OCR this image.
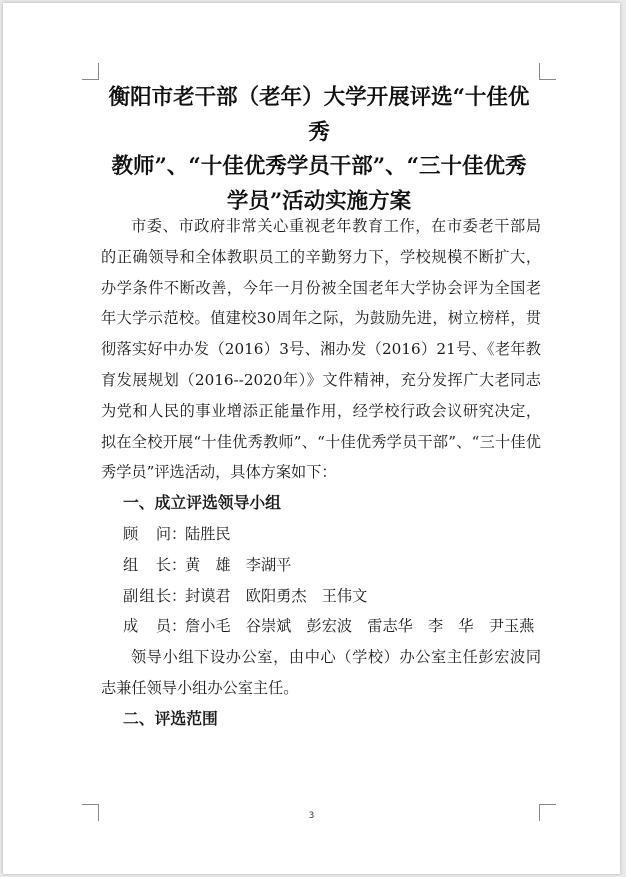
衡阳市老干部（老年）大学开展评选“十佳优秀
教师”、“十佳优秀学员干部”、“三十佳优秀
学员”活动实施方案

市委、市政府非常关心重视老年教育工作，在市委老干部局的正确领导和全体教职员工的辛勤努力下，学校规模不断扩大，办学条件不断改善，今年一月份被全国老年大学协会评为全国老年大学示范校。值建校30周年之际，为鼓励先进，树立榜样，贯彻落实好中办发（2016）3号、湘办发（2016）21号、《老年教育发展规划（2016--2020年）》文件精神，充分发挥广大老同志为党和人民的事业增添正能量作用，经学校行政会议研究决定，拟在全校开展“十佳优秀教师”、“十佳优秀学员干部”、“三十佳优秀学员”评选活动，具体方案如下：

一、成立评选领导小组

顾问：陆胜民

组长：黄　雄　李湖平

副组长：封谟君　欧阳勇杰　王伟文

成员：詹小毛　谷崇斌　彭宏波　雷志华　李　华　尹玉燕

领导小组下设办公室，由中心（学校）办公室主任彭宏波同志兼任领导小组办公室主任。

二、评选范围

3
